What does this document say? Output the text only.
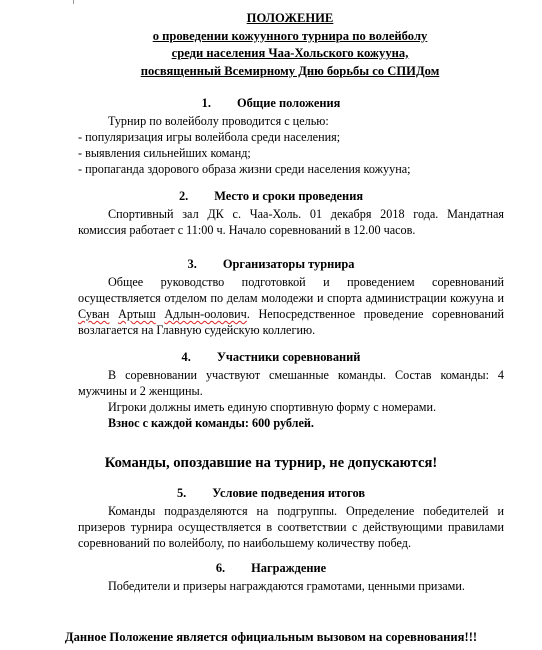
ПОЛОЖЕНИЕ
о проведении кожуунного турнира по волейболу
среди населения Чаа-Хольского кожууна,
посвященный Всемирному Дню борьбы со СПИДом
1. Общие положения
Турнир по волейболу проводится с целью:
- популяризация игры волейбола среди населения;
- выявления сильнейших команд;
- пропаганда здорового образа жизни среди населения кожууна;
2. Место и сроки проведения
Спортивный зал ДК с. Чаа-Холь. 01 декабря 2018 года. Мандатная комиссия работает с 11:00 ч. Начало соревнований в 12.00 часов.
3. Организаторы турнира
Общее руководство подготовкой и проведением соревнований осуществляется отделом по делам молодежи и спорта администрации кожууна и Суван Артыш Адлын-оолович. Непосредственное проведение соревнований возлагается на Главную судейскую коллегию.
4. Участники соревнований
В соревновании участвуют смешанные команды. Состав команды: 4 мужчины и 2 женщины.
Игроки должны иметь единую спортивную форму с номерами.
Взнос с каждой команды: 600 рублей.
Команды, опоздавшие на турнир, не допускаются!
5. Условие подведения итогов
Команды подразделяются на подгруппы. Определение победителей и призеров турнира осуществляется в соответствии с действующими правилами соревнований по волейболу, по наибольшему количеству побед.
6. Награждение
Победители и призеры награждаются грамотами, ценными призами.
Данное Положение является официальным вызовом на соревнования!!!
